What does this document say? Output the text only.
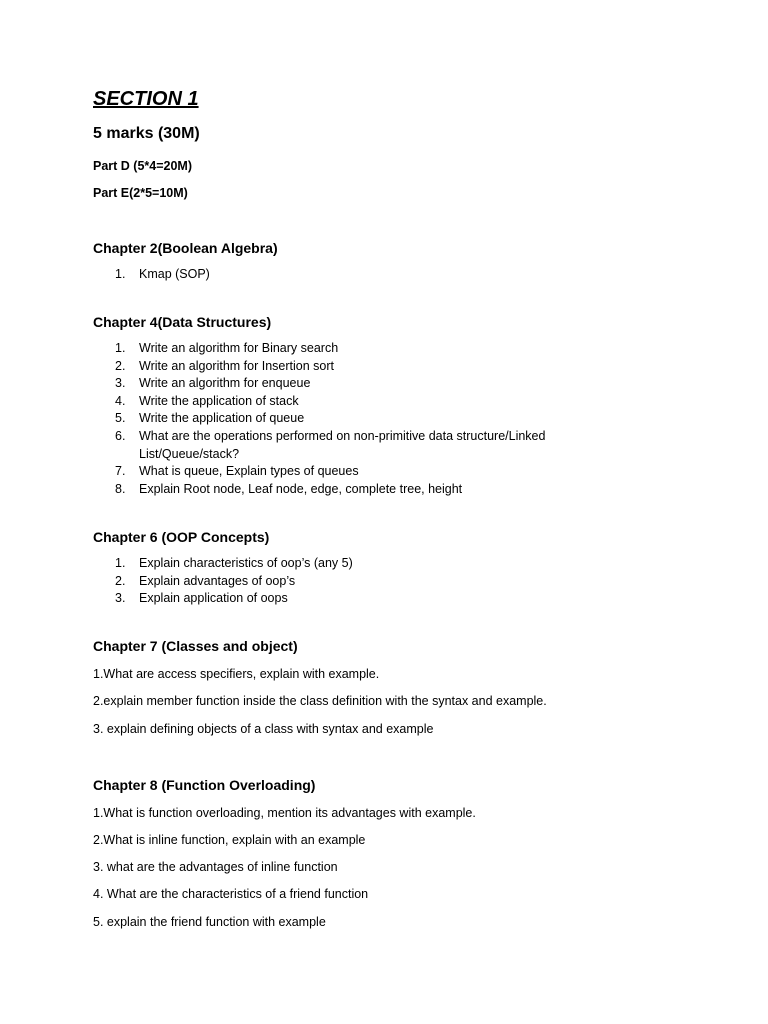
SECTION 1
5 marks (30M)

Part D (5*4=20M)

Part E(2*5=10M)

Chapter 2(Boolean Algebra)
1. Kmap (SOP)
Chapter 4(Data Structures)
1. Write an algorithm for Binary search
2. Write an algorithm for Insertion sort
3. Write an algorithm for enqueue
4. Write the application of stack
5. Write the application of queue
6. What are the operations performed on non-primitive data structure/Linked List/Queue/stack?
7. What is queue, Explain types of queues
8. Explain Root node, Leaf node, edge, complete tree, height
Chapter 6 (OOP Concepts)
1. Explain characteristics of oop’s (any 5)
2. Explain advantages of oop’s
3. Explain application of oops
Chapter 7 (Classes and object)

1.What are access specifiers, explain with example.

2.explain member function inside the class definition with the syntax and example.

3. explain defining objects of a class with syntax and example

Chapter 8 (Function Overloading)

1.What is function overloading, mention its advantages with example.

2.What is inline function, explain with an example

3. what are the advantages of inline function

4. What are the characteristics of a friend function

5. explain the friend function with example
